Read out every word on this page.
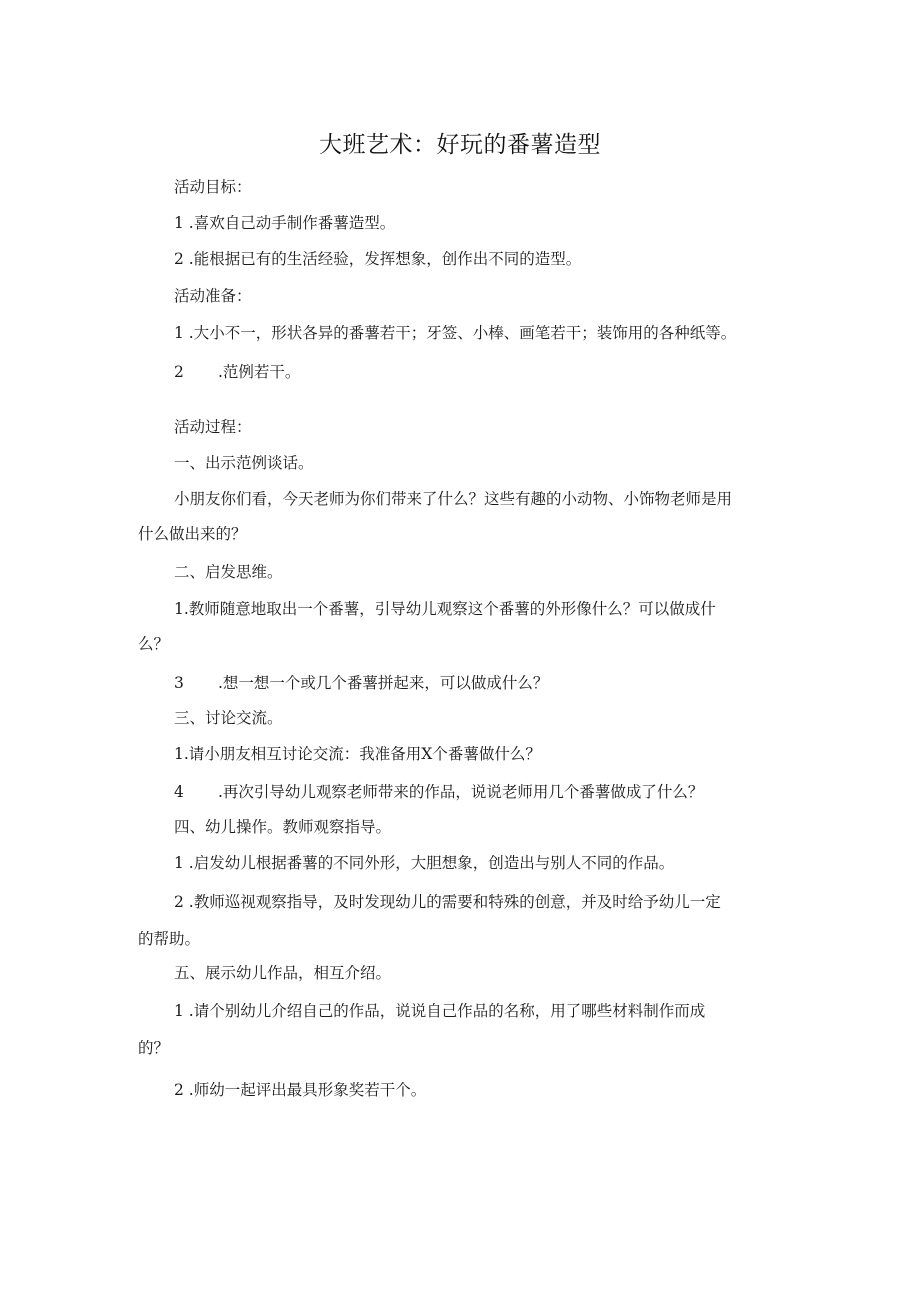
大班艺术：好玩的番薯造型
活动目标：
1 .喜欢自己动手制作番薯造型。
2 .能根据已有的生活经验，发挥想象，创作出不同的造型。
活动准备：
1 .大小不一，形状各异的番薯若干；牙签、小棒、画笔若干；装饰用的各种纸等。
2 .范例若干。
活动过程：
一、出示范例谈话。
小朋友你们看，今天老师为你们带来了什么？这些有趣的小动物、小饰物老师是用
什么做出来的？
二、启发思维。
1.教师随意地取出一个番薯，引导幼儿观察这个番薯的外形像什么？可以做成什
么？
3 .想一想一个或几个番薯拼起来，可以做成什么？
三、讨论交流。
1.请小朋友相互讨论交流：我准备用X个番薯做什么？
4 .再次引导幼儿观察老师带来的作品，说说老师用几个番薯做成了什么？
四、幼儿操作。教师观察指导。
1 .启发幼儿根据番薯的不同外形，大胆想象，创造出与别人不同的作品。
2 .教师巡视观察指导，及时发现幼儿的需要和特殊的创意，并及时给予幼儿一定
的帮助。
五、展示幼儿作品，相互介绍。
1 .请个别幼儿介绍自己的作品，说说自己作品的名称，用了哪些材料制作而成
的？
2 .师幼一起评出最具形象奖若干个。
